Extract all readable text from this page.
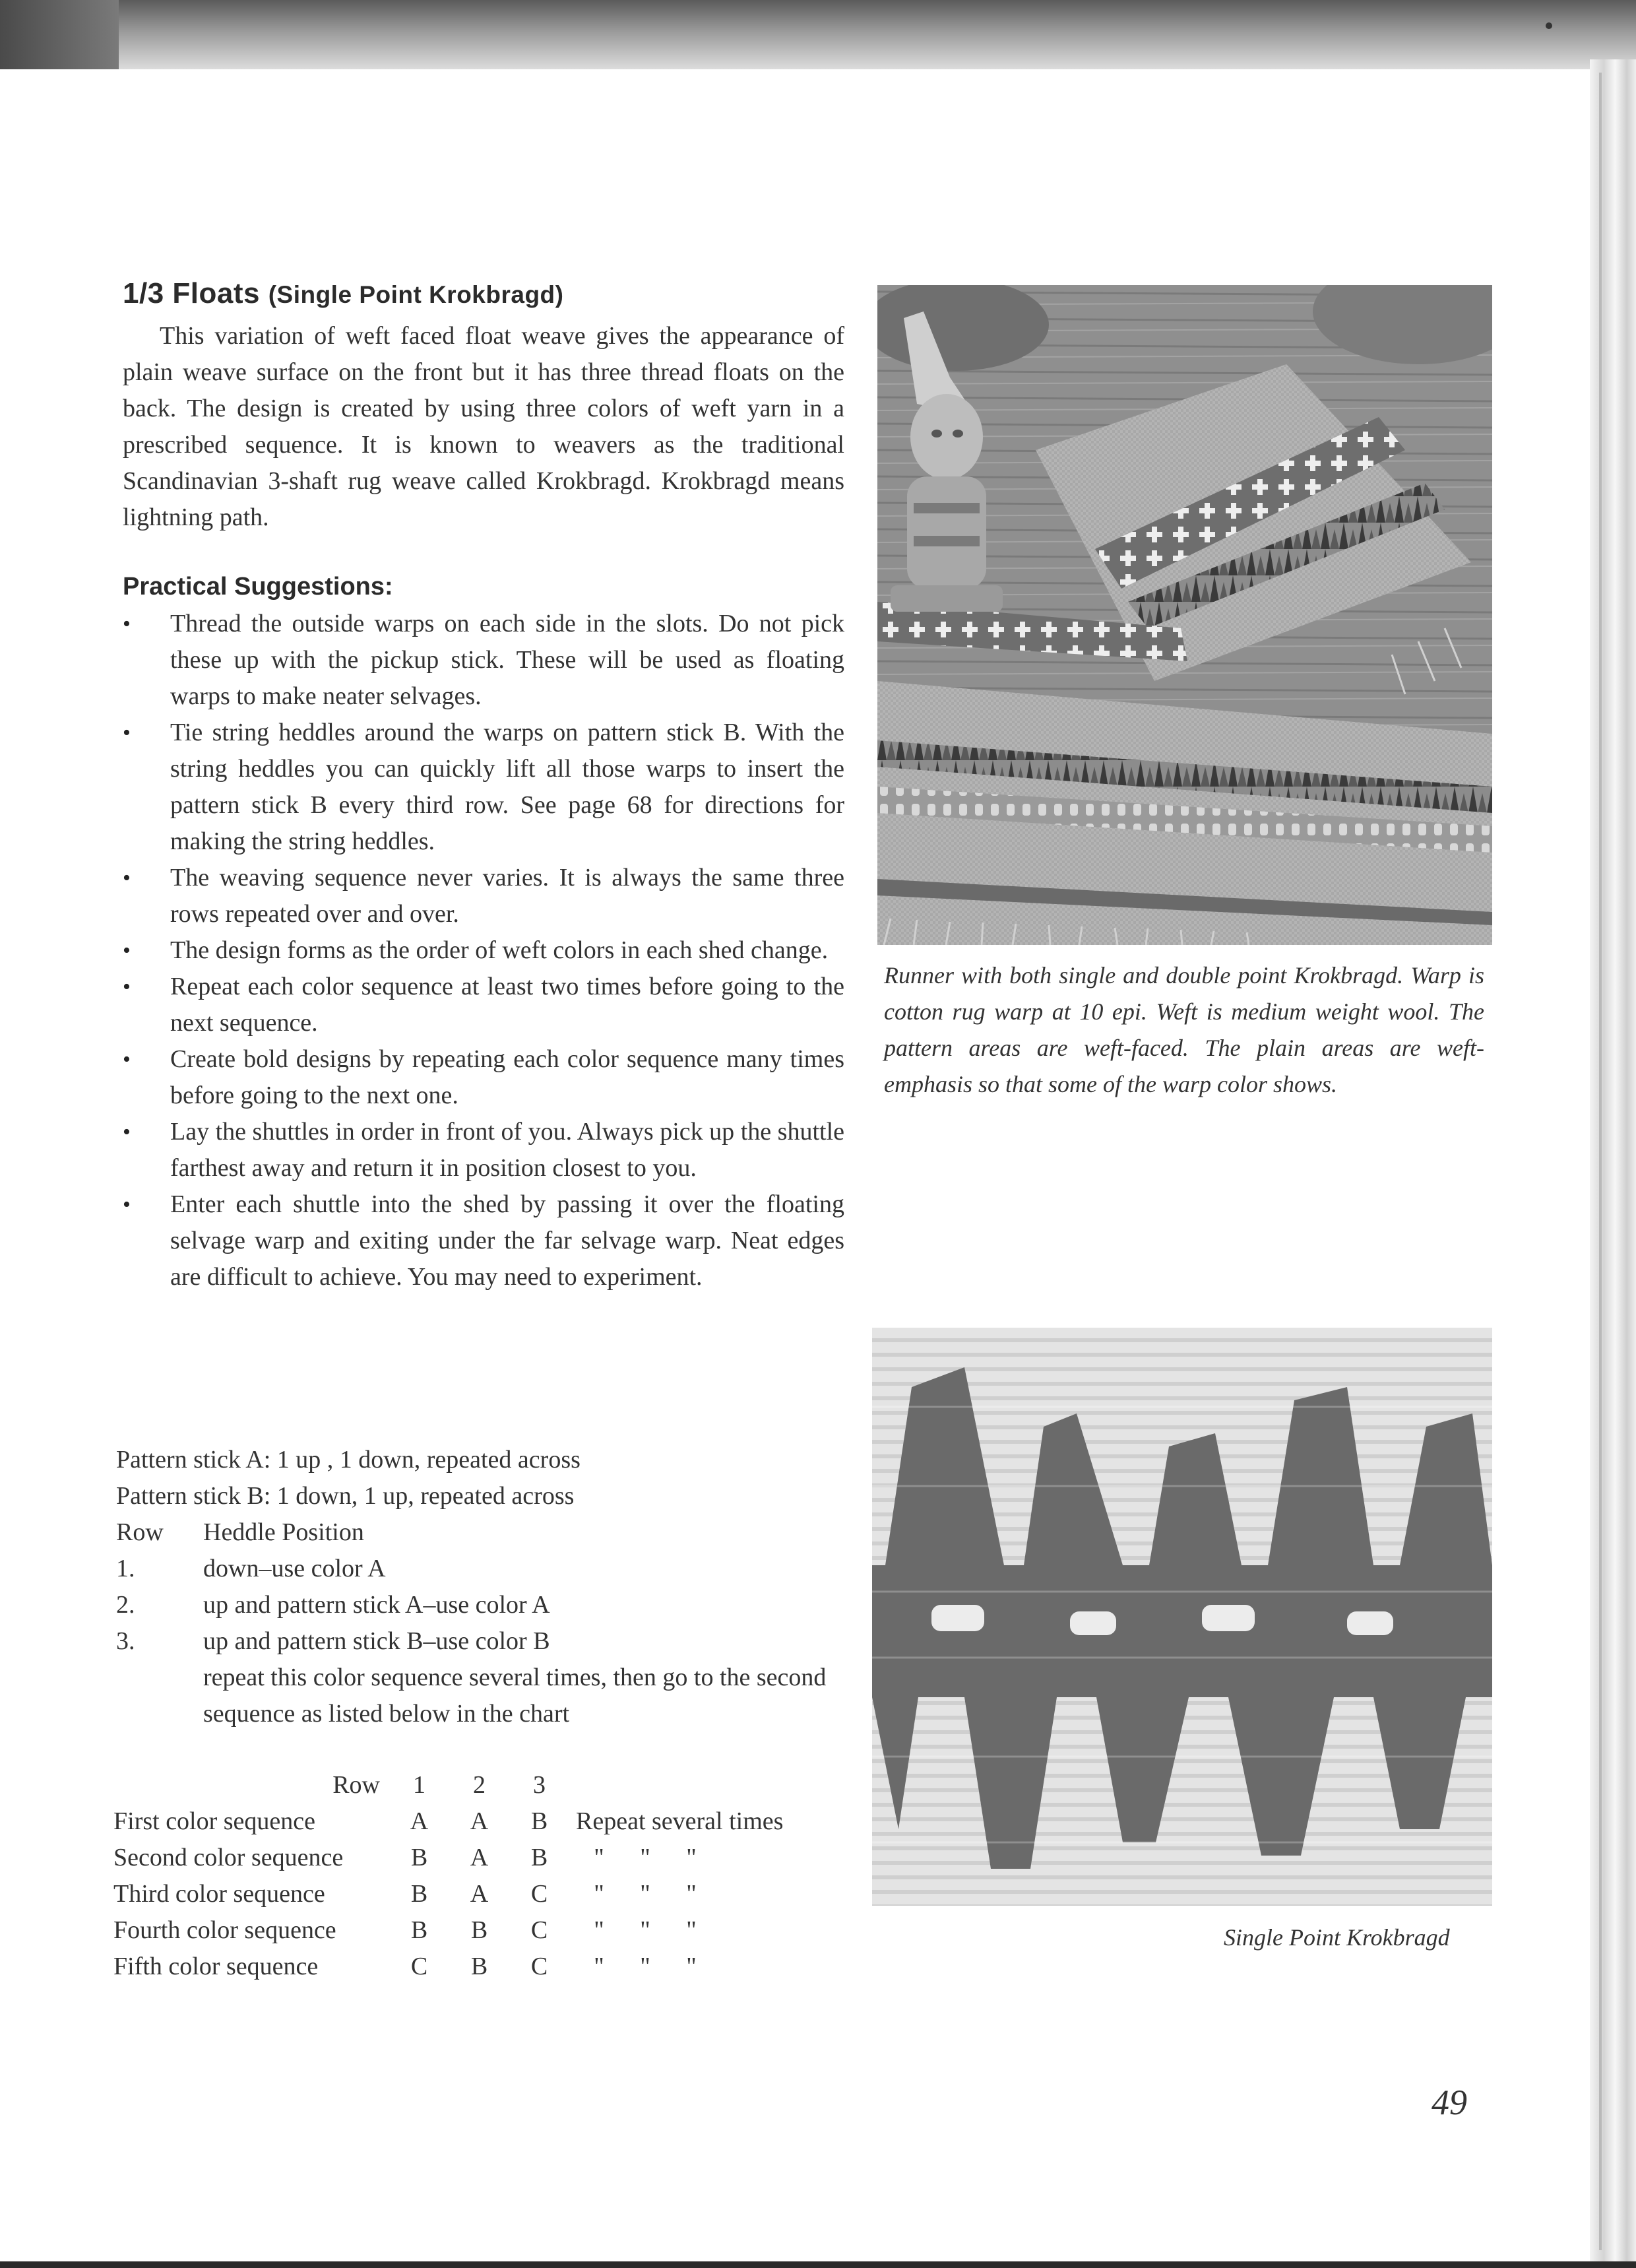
1/3 Floats (Single Point Krokbragd)

This variation of weft faced float weave gives the appearance of plain weave surface on the front but it has three thread floats on the back. The design is created by using three colors of weft yarn in a prescribed sequence. It is known to weavers as the traditional Scandinavian 3-shaft rug weave called Krokbragd. Krokbragd means lightning path.

Practical Suggestions:
• Thread the outside warps on each side in the slots. Do not pick these up with the pickup stick. These will be used as floating warps to make neater selvages.
• Tie string heddles around the warps on pattern stick B. With the string heddles you can quickly lift all those warps to insert the pattern stick B every third row. See page 68 for directions for making the string heddles.
• The weaving sequence never varies. It is always the same three rows repeated over and over.
• The design forms as the order of weft colors in each shed change.
• Repeat each color sequence at least two times before going to the next sequence.
• Create bold designs by repeating each color sequence many times before going to the next one.
• Lay the shuttles in order in front of you. Always pick up the shuttle farthest away and return it in position closest to you.
• Enter each shuttle into the shed by passing it over the floating selvage warp and exiting under the far selvage warp. Neat edges are difficult to achieve. You may need to experiment.

Pattern stick A: 1 up , 1 down, repeated across

Pattern stick B: 1 down, 1 up, repeated across

Row	Heddle Position
1.	down–use color A
2.	up and pattern stick A–use color A
3.	up and pattern stick B–use color B

repeat this color sequence several times, then go to the second sequence as listed below in the chart

Row	1	2	3
First color sequence	A	A	B	Repeat several times
Second color sequence	B	A	B	" " "
Third color sequence	B	A	C	" " "
Fourth color sequence	B	B	C	" " "
Fifth color sequence	C	B	C	" " "

Runner with both single and double point Krokbragd. Warp is cotton rug warp at 10 epi. Weft is medium weight wool. The pattern areas are weft-faced. The plain areas are weft-emphasis so that some of the warp color shows.

Single Point Krokbragd

49
